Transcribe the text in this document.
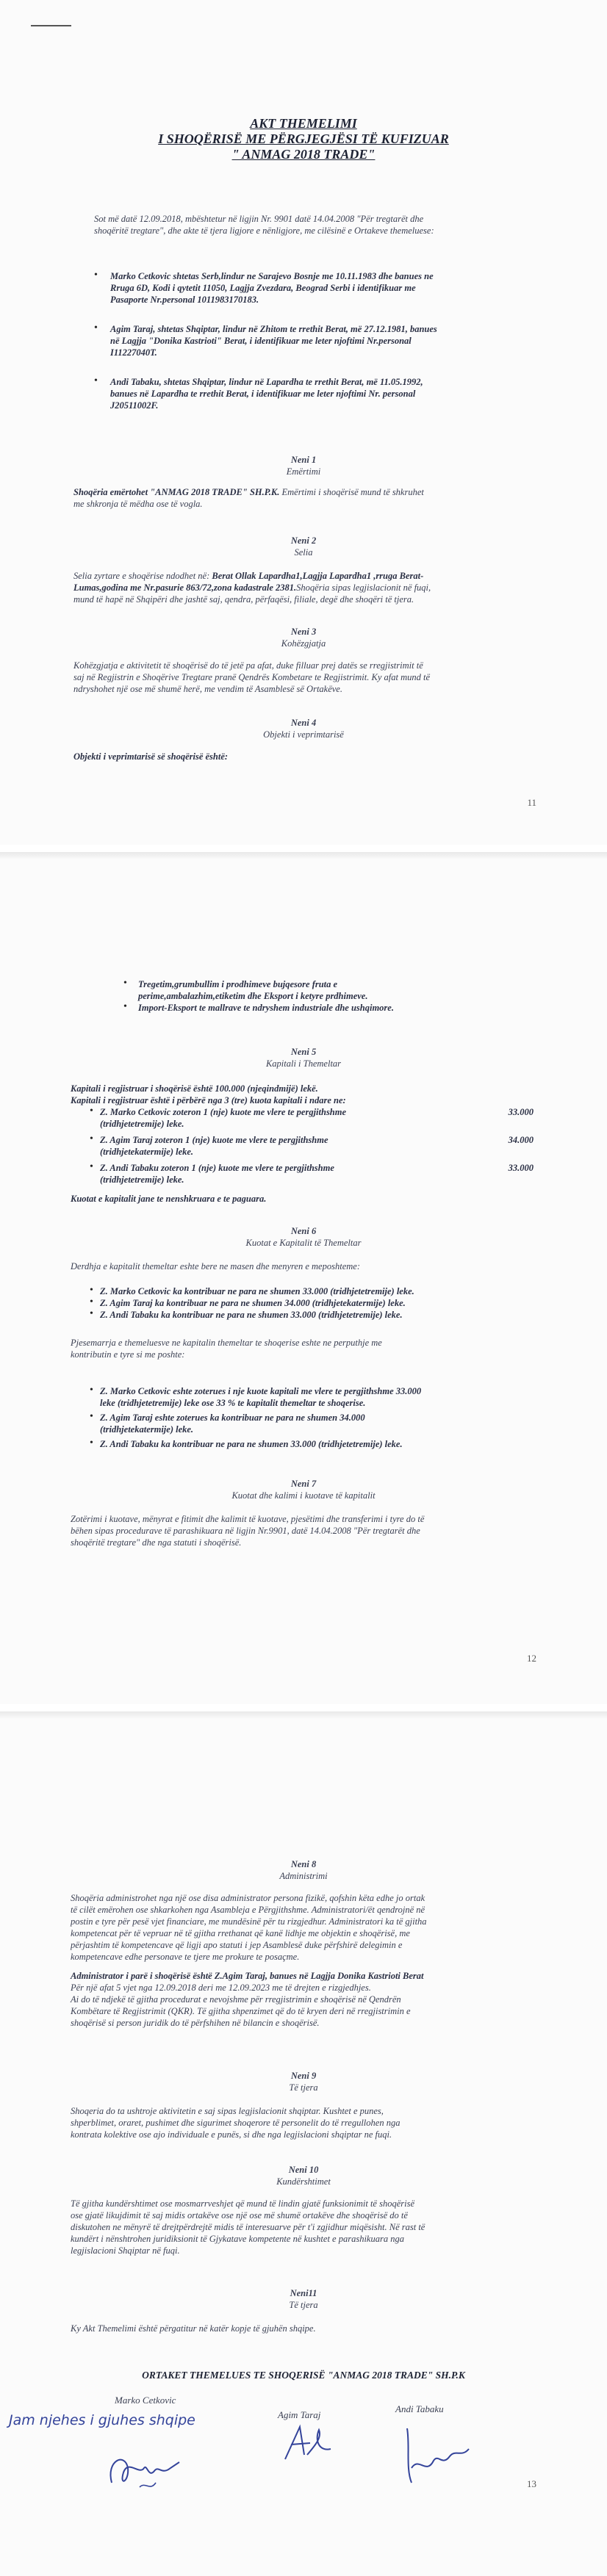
AKT THEMELIMI
I SHOQËRISË ME PËRGJEGJËSI TË KUFIZUAR
" ANMAG 2018 TRADE"

Sot më datë 12.09.2018, mbështetur në ligjin Nr. 9901 datë 14.04.2008 "Për tregtarët dhe

shoqëritë tregtare", dhe akte të tjera ligjore e nënligjore, me cilësinë e Ortakeve themeluese:

• Marko Cetkovic shtetas Serb,lindur ne Sarajevo Bosnje me 10.11.1983 dhe banues ne

Rruga 6D, Kodi i qytetit 11050, Lagjja Zvezdara, Beograd Serbi i identifikuar me

Pasaporte Nr.personal 1011983170183.

• Agim Taraj, shtetas Shqiptar, lindur në Zhitom te rrethit Berat, më 27.12.1981, banues

në Lagjja "Donika Kastrioti" Berat, i identifikuar me leter njoftimi Nr.personal

I11227040T.

• Andi Tabaku, shtetas Shqiptar, lindur në Lapardha te rrethit Berat, më 11.05.1992,

banues në Lapardha te rrethit Berat, i identifikuar me leter njoftimi Nr. personal

J20511002F.

Neni 1
Emërtimi

Shoqëria emërtohet "ANMAG 2018 TRADE" SH.P.K. Emërtimi i shoqërisë mund të shkruhet

me shkronja të mëdha ose të vogla.

Neni 2
Selia

Selia zyrtare e shoqërise ndodhet në: Berat Ollak Lapardha1,Lagjja Lapardha1 ,rruga Berat-

Lumas,godina me Nr.pasurie 863/72,zona kadastrale 2381.Shoqëria sipas legjislacionit në fuqi,

mund të hapë në Shqipëri dhe jashtë saj, qendra, përfaqësi, filiale, degë dhe shoqëri të tjera.

Neni 3
Kohëzgjatja

Kohëzgjatja e aktivitetit të shoqërisë do të jetë pa afat, duke filluar prej datës se rregjistrimit të

saj në Regjistrin e Shoqërive Tregtare pranë Qendrës Kombetare te Regjistrimit. Ky afat mund të

ndryshohet një ose më shumë herë, me vendim të Asamblesë së Ortakëve.

Neni 4
Objekti i veprimtarisë

Objekti i veprimtarisë së shoqërisë është:

11
• Tregetim,grumbullim i prodhimeve bujqesore fruta e

perime,ambalazhim,etiketim dhe Eksport i ketyre prdhimeve.

• Import-Eksport te mallrave te ndryshem industriale dhe ushqimore.

Neni 5
Kapitali i Themeltar

Kapitali i regjistruar i shoqërisë është 100.000 (njeqindmijë) lekë.

Kapitali i regjistruar është i përbërë nga 3 (tre) kuota kapitali i ndare ne:

• Z. Marko Cetkovic zoteron 1 (nje) kuote me vlere te pergjithshme	33.000

(tridhjetetremije) leke.

• Z. Agim Taraj zoteron 1 (nje) kuote me vlere te pergjithshme	34.000

(tridhjetekatermije) leke.

• Z. Andi Tabaku zoteron 1 (nje) kuote me vlere te pergjithshme	33.000

(tridhjetetremije) leke.

Kuotat e kapitalit jane te nenshkruara e te paguara.

Neni 6
Kuotat e Kapitalit të Themeltar

Derdhja e kapitalit themeltar eshte bere ne masen dhe menyren e meposhteme:

• Z. Marko Cetkovic ka kontribuar ne para ne shumen 33.000 (tridhjetetremije) leke.

• Z. Agim Taraj ka kontribuar ne para ne shumen 34.000 (tridhjetekatermije) leke.

• Z. Andi Tabaku ka kontribuar ne para ne shumen 33.000 (tridhjetetremije) leke.

Pjesemarrja e themeluesve ne kapitalin themeltar te shoqerise eshte ne perputhje me

kontributin e tyre si me poshte:

• Z. Marko Cetkovic eshte zoterues i nje kuote kapitali me vlere te pergjithshme 33.000

leke (tridhjetetremije) leke ose 33 % te kapitalit themeltar te shoqerise.

• Z. Agim Taraj eshte zoterues ka kontribuar ne para ne shumen 34.000

(tridhjetekatermije) leke.

• Z. Andi Tabaku ka kontribuar ne para ne shumen 33.000 (tridhjetetremije) leke.

Neni 7
Kuotat dhe kalimi i kuotave të kapitalit

Zotërimi i kuotave, mënyrat e fitimit dhe kalimit të kuotave, pjesëtimi dhe transferimi i tyre do të

bëhen sipas procedurave të parashikuara në ligjin Nr.9901, datë 14.04.2008 "Për tregtarët dhe

shoqëritë tregtare" dhe nga statuti i shoqërisë.

12
Neni 8
Administrimi

Shoqëria administrohet nga një ose disa administrator persona fizikë, qofshin këta edhe jo ortak

të cilët emërohen ose shkarkohen nga Asambleja e Përgjithshme. Administratori/ët qendrojnë në

postin e tyre për pesë vjet financiare, me mundësinë për tu rizgjedhur. Administratori ka të gjitha

kompetencat për të vepruar në të gjitha rrethanat që kanë lidhje me objektin e shoqërisë, me

përjashtim të kompetencave që ligji apo statuti i jep Asamblesë duke përfshirë delegimin e

kompetencave edhe personave te tjere me prokure te posaçme.

Administrator i parë i shoqërisë është Z.Agim Taraj, banues në Lagjja Donika Kastrioti Berat

Për një afat 5 vjet nga 12.09.2018 deri me 12.09.2023 me të drejten e rizgjedhjes.

Ai do të ndjekë të gjitha procedurat e nevojshme për rregjistrimin e shoqërisë në Qendrën

Kombëtare të Regjistrimit (QKR). Të gjitha shpenzimet që do të kryen deri në rregjistrimin e

shoqërisë si person juridik do të përfshihen në bilancin e shoqërisë.

Neni 9
Të tjera

Shoqeria do ta ushtroje aktivitetin e saj sipas legjislacionit shqiptar. Kushtet e punes,

shperblimet, oraret, pushimet dhe sigurimet shoqerore të personelit do të rregullohen nga

kontrata kolektive ose ajo individuale e punës, si dhe nga legjislacioni shqiptar ne fuqi.

Neni 10
Kundërshtimet

Të gjitha kundërshtimet ose mosmarrveshjet që mund të lindin gjatë funksionimit të shoqërisë

ose gjatë likujdimit të saj midis ortakëve ose një ose më shumë ortakëve dhe shoqërisë do të

diskutohen ne mënyrë të drejtpërdrejtë midis të interesuarve për t'i zgjidhur miqësisht. Në rast të

kundërt i nënshtrohen juridiksionit të Gjykatave kompetente në kushtet e parashikuara nga

legjislacioni Shqiptar në fuqi.

Neni11
Të tjera

Ky Akt Themelimi është përgatitur në katër kopje të gjuhën shqipe.

ORTAKET THEMELUES TE SHOQERISË "ANMAG 2018 TRADE" SH.P.K

Marko Cetkovic
Agim Taraj
Andi Tabaku
Jam njehes i gjuhes shqipe
13
